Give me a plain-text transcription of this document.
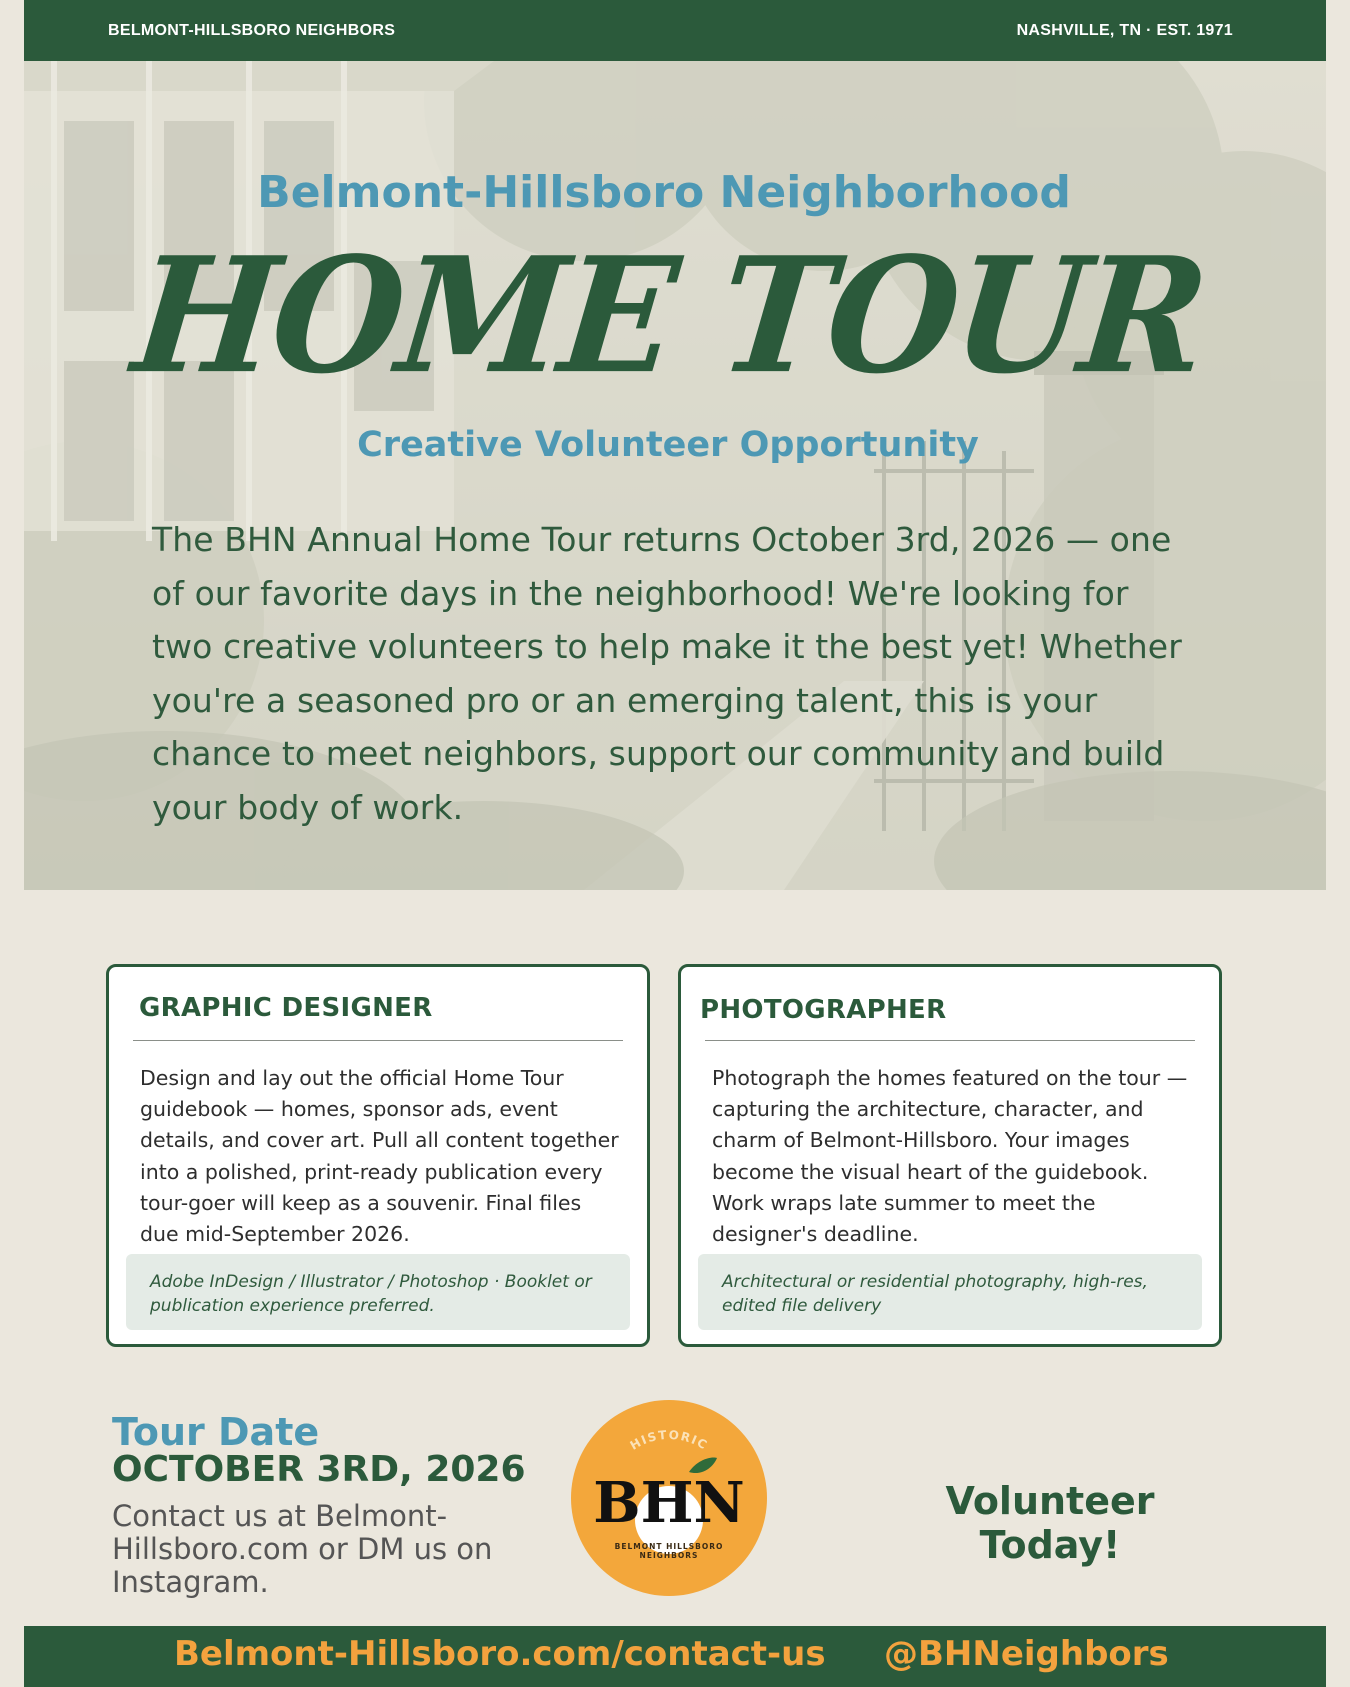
BELMONT-HILLSBORO NEIGHBORS	NASHVILLE, TN · EST. 1971
Belmont-Hillsboro Neighborhood
HOME TOUR
Creative Volunteer Opportunity

The BHN Annual Home Tour returns October 3rd, 2026 — one of our favorite days in the neighborhood! We're looking for two creative volunteers to help make it the best yet! Whether you're a seasoned pro or an emerging talent, this is your chance to meet neighbors, support our community and build your body of work.

GRAPHIC DESIGNER

Design and lay out the official Home Tour guidebook — homes, sponsor ads, event details, and cover art. Pull all content together into a polished, print-ready publication every tour-goer will keep as a souvenir. Final files due mid-September 2026.

Adobe InDesign / Illustrator / Photoshop · Booklet or publication experience preferred.
PHOTOGRAPHER

Photograph the homes featured on the tour — capturing the architecture, character, and charm of Belmont-Hillsboro. Your images become the visual heart of the guidebook. Work wraps late summer to meet the designer's deadline.

Architectural or residential photography, high-res, edited file delivery

Tour Date

OCTOBER 3RD, 2026

Contact us at Belmont-Hillsboro.com or DM us on Instagram.

HISTORIC
BHN
BELMONT HILLSBORO
NEIGHBORS

Volunteer Today!

Belmont-Hillsboro.com/contact-us @BHNeighbors
